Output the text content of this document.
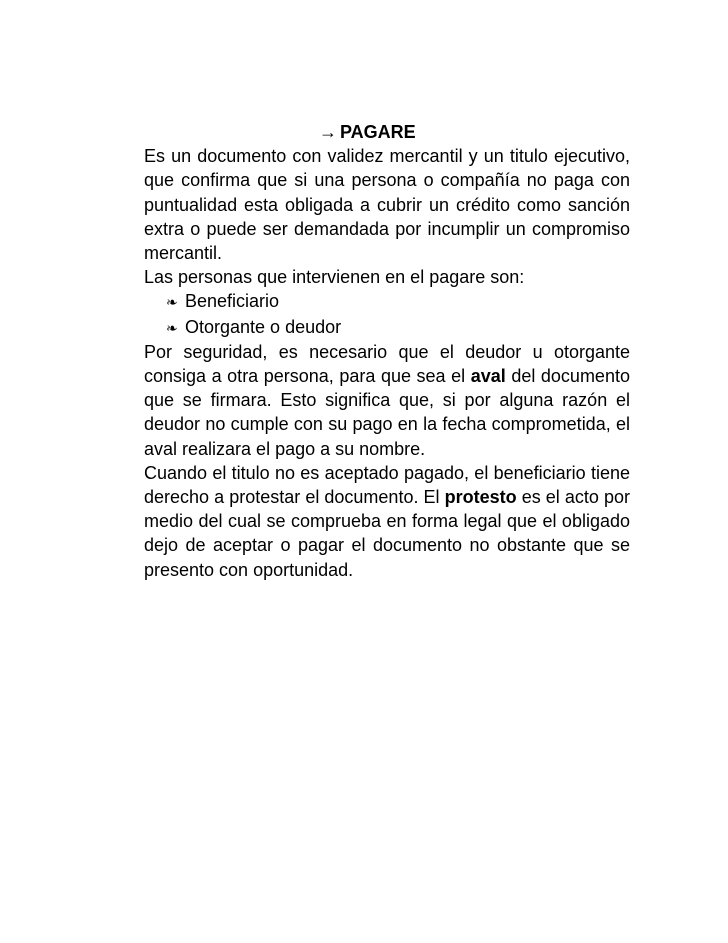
→ PAGARE

Es un documento con validez mercantil y un titulo ejecutivo, que confirma que si una persona o compañía no paga con puntualidad esta obligada a cubrir un crédito como sanción extra o puede ser demandada por incumplir un compromiso mercantil.

Las personas que intervienen en el pagare son:

❧ Beneficiario
❧ Otorgante o deudor

Por seguridad, es necesario que el deudor u otorgante consiga a otra persona, para que sea el aval del documento que se firmara. Esto significa que, si por alguna razón el deudor no cumple con su pago en la fecha comprometida, el aval realizara el pago a su nombre.

Cuando el titulo no es aceptado pagado, el beneficiario tiene derecho a protestar el documento. El protesto es el acto por medio del cual se comprueba en forma legal que el obligado dejo de aceptar o pagar el documento no obstante que se presento con oportunidad.
